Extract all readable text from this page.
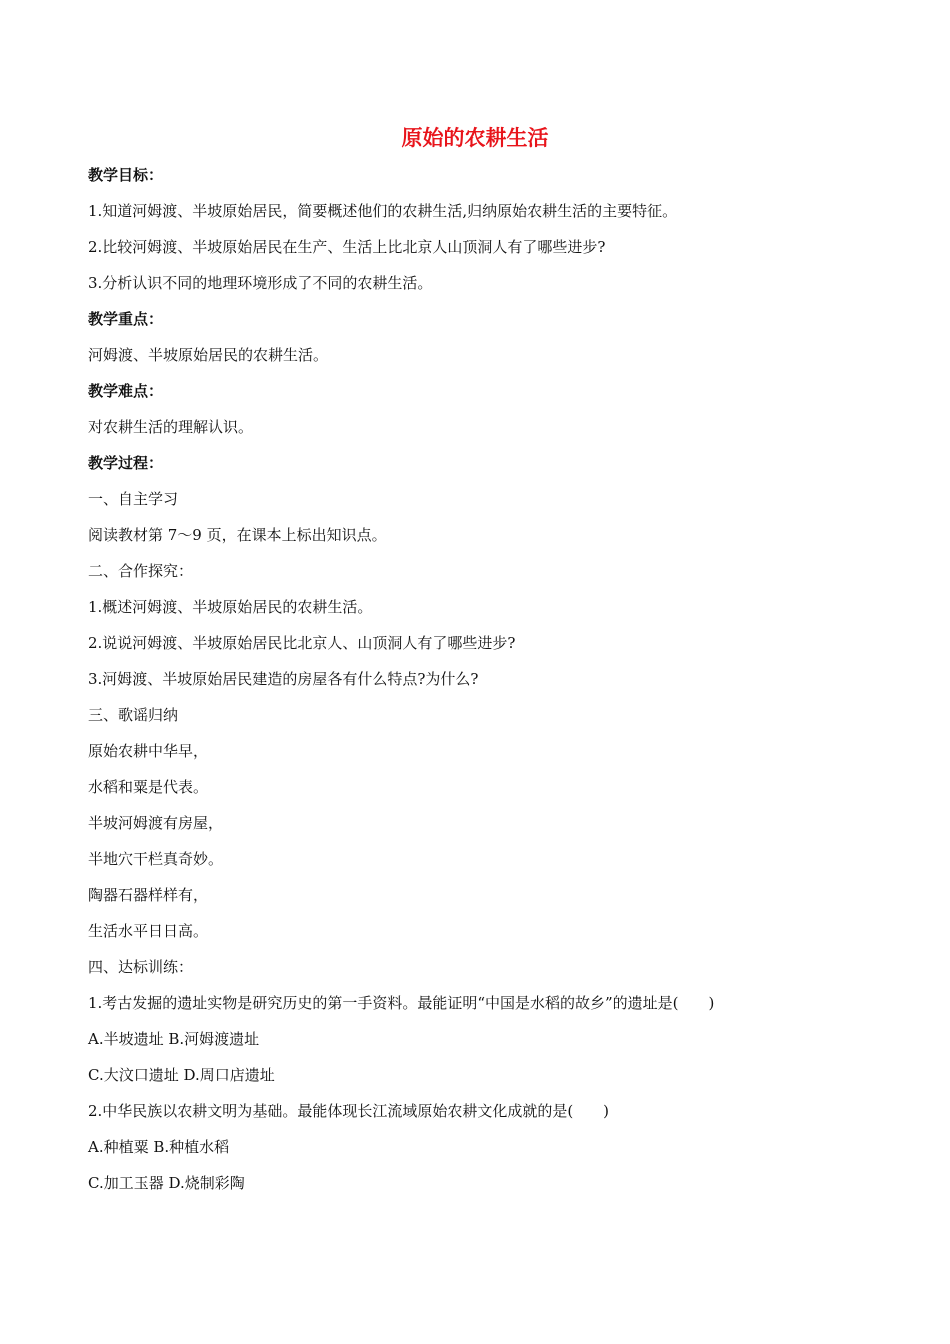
原始的农耕生活
教学目标：
1.知道河姆渡、半坡原始居民，简要概述他们的农耕生活,归纳原始农耕生活的主要特征。
2.比较河姆渡、半坡原始居民在生产、生活上比北京人山顶洞人有了哪些进步?
3.分析认识不同的地理环境形成了不同的农耕生活。
教学重点：
河姆渡、半坡原始居民的农耕生活。
教学难点：
对农耕生活的理解认识。
教学过程：
一、自主学习
阅读教材第 7～9 页，在课本上标出知识点。
二、合作探究：
1.概述河姆渡、半坡原始居民的农耕生活。
2.说说河姆渡、半坡原始居民比北京人、山顶洞人有了哪些进步?
3.河姆渡、半坡原始居民建造的房屋各有什么特点?为什么?
三、歌谣归纳
原始农耕中华早，
水稻和粟是代表。
半坡河姆渡有房屋，
半地穴干栏真奇妙。
陶器石器样样有，
生活水平日日高。
四、达标训练：
1.考古发掘的遗址实物是研究历史的第一手资料。最能证明“中国是水稻的故乡”的遗址是(　　)
A.半坡遗址 B.河姆渡遗址
C.大汶口遗址 D.周口店遗址
2.中华民族以农耕文明为基础。最能体现长江流域原始农耕文化成就的是(　　)
A.种植粟 B.种植水稻
C.加工玉器 D.烧制彩陶
